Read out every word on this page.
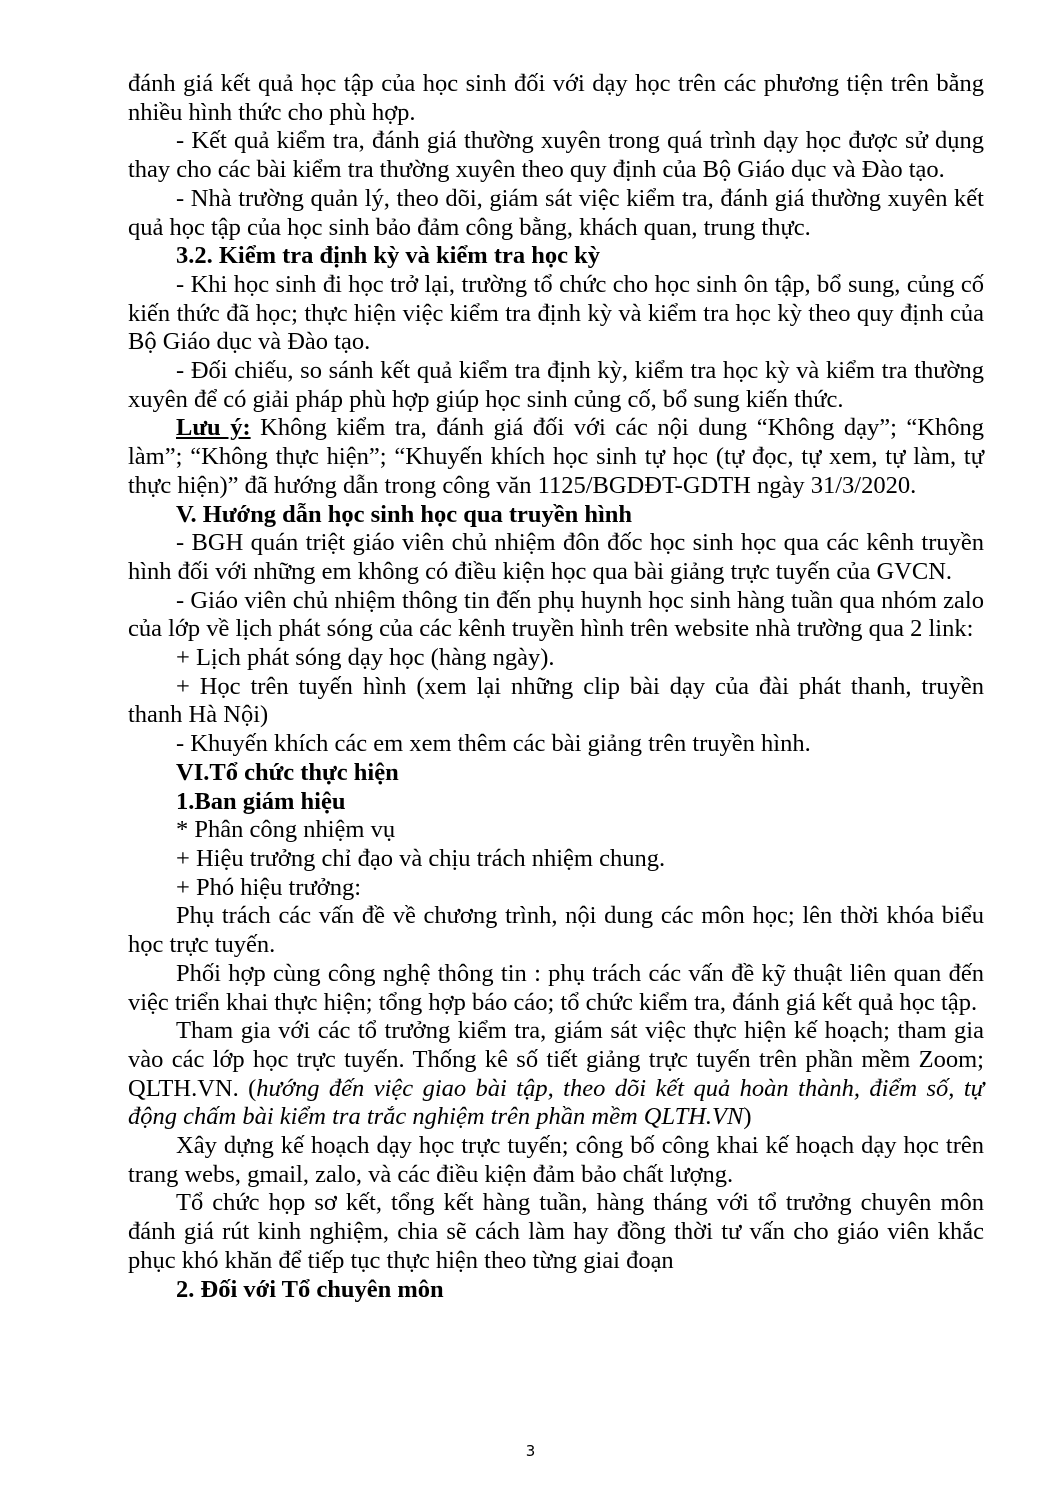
đánh giá kết quả học tập của học sinh đối với dạy học trên các phương tiện trên bằng nhiều hình thức cho phù hợp.

- Kết quả kiểm tra, đánh giá thường xuyên trong quá trình dạy học được sử dụng thay cho các bài kiểm tra thường xuyên theo quy định của Bộ Giáo dục và Đào tạo.

- Nhà trường quản lý, theo dõi, giám sát việc kiểm tra, đánh giá thường xuyên kết quả học tập của học sinh bảo đảm công bằng, khách quan, trung thực.

3.2. Kiểm tra định kỳ và kiểm tra học kỳ

- Khi học sinh đi học trở lại, trường tổ chức cho học sinh ôn tập, bổ sung, củng cố kiến thức đã học; thực hiện việc kiểm tra định kỳ và kiểm tra học kỳ theo quy định của Bộ Giáo dục và Đào tạo.

- Đối chiếu, so sánh kết quả kiểm tra định kỳ, kiểm tra học kỳ và kiểm tra thường xuyên để có giải pháp phù hợp giúp học sinh củng cố, bổ sung kiến thức.

Lưu ý: Không kiểm tra, đánh giá đối với các nội dung “Không dạy”; “Không làm”; “Không thực hiện”; “Khuyến khích học sinh tự học (tự đọc, tự xem, tự làm, tự thực hiện)” đã hướng dẫn trong công văn 1125/BGDĐT-GDTH ngày 31/3/2020.

V. Hướng dẫn học sinh học qua truyền hình

- BGH quán triệt giáo viên chủ nhiệm đôn đốc học sinh học qua các kênh truyền hình đối với những em không có điều kiện học qua bài giảng trực tuyến của GVCN.

- Giáo viên chủ nhiệm thông tin đến phụ huynh học sinh hàng tuần qua nhóm zalo của lớp về lịch phát sóng của các kênh truyền hình trên website nhà trường qua 2 link:

+ Lịch phát sóng dạy học (hàng ngày).

+ Học trên tuyến hình (xem lại những clip bài dạy của đài phát thanh, truyền thanh Hà Nội)

- Khuyến khích các em xem thêm các bài giảng trên truyền hình.

VI.Tổ chức thực hiện

1.Ban giám hiệu

* Phân công nhiệm vụ

+ Hiệu trưởng chỉ đạo và chịu trách nhiệm chung.

+ Phó hiệu trưởng:

Phụ trách các vấn đề về chương trình, nội dung các môn học; lên thời khóa biểu học trực tuyến.

Phối hợp cùng công nghệ thông tin : phụ trách các vấn đề kỹ thuật liên quan đến việc triển khai thực hiện; tổng hợp báo cáo; tổ chức kiểm tra, đánh giá kết quả học tập.

Tham gia với các tổ trưởng kiểm tra, giám sát việc thực hiện kế hoạch; tham gia vào các lớp học trực tuyến. Thống kê số tiết giảng trực tuyến trên phần mềm Zoom; QLTH.VN. (hướng đến việc giao bài tập, theo dõi kết quả hoàn thành, điểm số, tự động chấm bài kiểm tra trắc nghiệm trên phần mềm QLTH.VN)

Xây dựng kế hoạch dạy học trực tuyến; công bố công khai kế hoạch dạy học trên trang webs, gmail, zalo, và các điều kiện đảm bảo chất lượng.

Tổ chức họp sơ kết, tổng kết hàng tuần, hàng tháng với tổ trưởng chuyên môn đánh giá rút kinh nghiệm, chia sẽ cách làm hay đồng thời tư vấn cho giáo viên khắc phục khó khăn để tiếp tục thực hiện theo từng giai đoạn

2. Đối với Tổ chuyên môn

3
